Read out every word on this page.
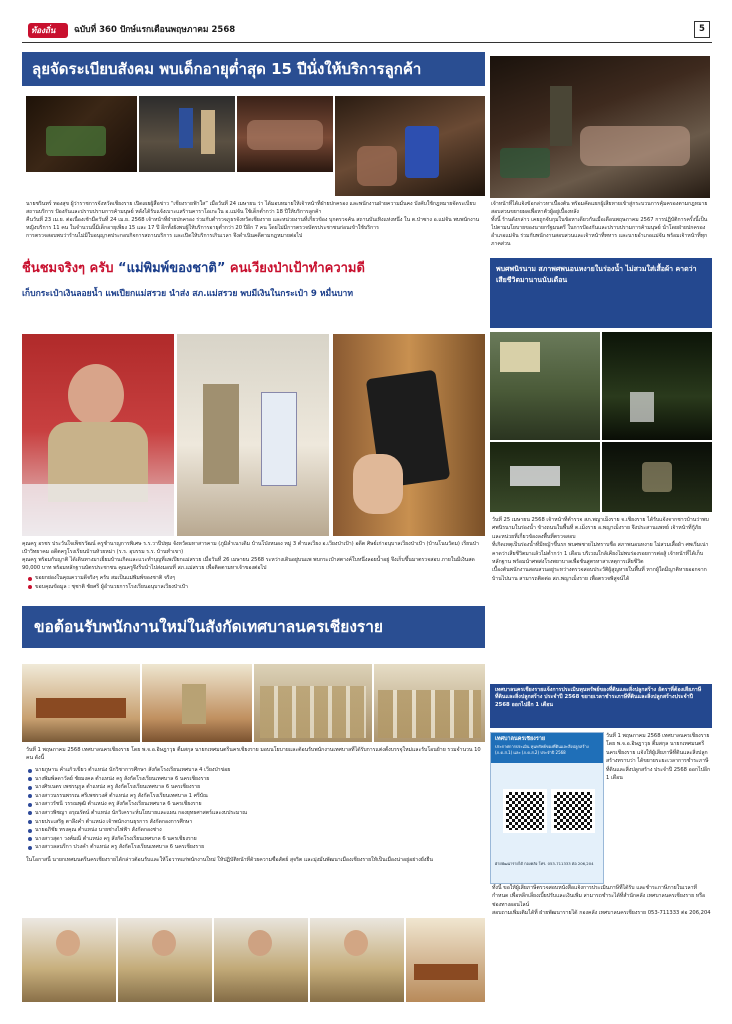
ท้องถิ่น ฉบับที่ 360 ปักษ์แรกเดือนพฤษภาคม 2568	5
ลุยจัดระเบียบสังคม พบเด็กอายุต่ำสุด 15 ปีนั่งให้บริการลูกค้า

นายชรินทร์ ทองสุข ผู้ว่าราชการจังหวัดเชียงราย เปิดเผยผู้สื่อข่าว “เชียงรายฟ้าใส” เมื่อวันที่ 24 เมษายน ว่า ได้มอบหมายให้เจ้าหน้าที่ฝ่ายปกครอง และพนักงานฝ่ายความมั่นคง บังคับใช้กฎหมายจัดระเบียบสถานบริการ ป้องกันและปราบปรามการค้ามนุษย์ หลังได้รับแจ้งเบาะแสร้านคาราโอเกะใน อ.แม่จัน ใช้เด็กต่ำกว่า 18 ปีให้บริการลูกค้า

คืนวันที่ 23 เม.ย. ต่อเนื่องเช้ามืดวันที่ 24 เม.ย. 2568 เจ้าหน้าที่ฝ่ายปกครอง ร่วมกับตำรวจภูธรจังหวัดเชียงราย และหน่วยงานที่เกี่ยวข้อง บุกตรวจค้น สถานบันเทิงแห่งหนึ่ง ใน ต.ป่าซาง อ.แม่จัน พบพนักงานหญิงบริการ 11 คน ในจำนวนนี้มีเด็กอายุเพียง 15 และ 17 ปี อีกทั้งยังพบผู้ให้บริการอายุต่ำกว่า 20 ปีอีก 7 คน โดยไม่มีการตรวจบัตรประชาชนก่อนเข้าใช้บริการ

การตรวจสอบพบว่าร้านไม่มีใบอนุญาตประกอบกิจการสถานบริการ และเปิดให้บริการเกินเวลา จึงดำเนินคดีตามกฎหมายต่อไป

เจ้าหน้าที่ได้แจ้งข้อกล่าวหาเบื้องต้น พร้อมคัดแยกผู้เสียหายเข้าสู่กระบวนการคุ้มครองตามกฎหมาย สอบสวนขยายผลเพื่อหาตัวผู้อยู่เบื้องหลัง

ทั้งนี้ ร้านดังกล่าว เคยถูกจับกุมในข้อหาเดียวกันเมื่อเดือนพฤษภาคม 2567 การปฏิบัติการครั้งนี้เป็นไปตามนโยบายของนายกรัฐมนตรี ในการป้องกันและปราบปรามการค้ามนุษย์ นำโดยฝ่ายปกครองอำเภอแม่จัน ร่วมกับพนักงานสอบสวนและเจ้าหน้าที่ทหาร และนายอำเภอแม่จัน พร้อมเจ้าหน้าที่ทุกภาคส่วน

ชื่นชมจริงๆ ครับ “แม่พิมพ์ของชาติ” คนเวียงป่าเป้าทำความดี
เก็บกระเป๋าเงินลอยน้ำ แพเปียกแม่สรวย นำส่ง สภ.แม่สรวย พบมีเงินในกระเป๋า 9 หมื่นบาท

คุณครู อรชร ประวันใจเพ็ชรวัฒน์ ครูชำนาญการพิเศษ ร.ร.วาปีปทุม จังหวัดมหาสารคาม (ภูมิลำเนาเดิม บ้านโป่งหนอง หมู่ 3 ตำบลเวียง อ.เวียงป่าเป้า) อดีต ศิษย์เก่าอนุบาลเวียงป่าเป้า (บ้านโนนวัดม) เรียนป่าเป้าวิทยาคม อดีตครูโรงเรียนบ้านห้วยหม่า (ร.ร. อุบรรม ร.ร. บ้านทำเขา)

คุณครู พร้อมกับญาติ ได้เดินทางมาเยี่ยมบ้านเกิดและแวะทำบุญที่แพเปียกแม่สรวย เมื่อวันที่ 26 เมษายน 2568 ระหว่างเดินอยู่บนแพ พบกระเป๋าสตางค์ใบหนึ่งลอยน้ำอยู่ จึงเก็บขึ้นมาตรวจสอบ ภายในมีเงินสด 90,000 บาท พร้อมหลักฐานบัตรประชาชน คุณครูจึงรีบนำไปส่งมอบที่ สภ.แม่สรวย เพื่อติดตามหาเจ้าของต่อไป

ขอยกย่องในคุณความดีจริงๆ ครับ สมเป็นแม่พิมพ์ของชาติ จริงๆ
ขอบคุณข้อมูล : ชุชาติ ชัยศรี ผู้อำนวยการโรงเรียนอนุบาลเวียงป่าเป้า
พบศพนิรนาม สภาพศพนอนหงายในร่องน้ำ ไม่สวมใส่เสื้อผ้า คาดว่าเสียชีวิตมานานนับเดือน

วันที่ 25 เมษายน 2568 เจ้าหน้าที่ตำรวจ สภ.พญาเม็งราย จ.เชียงราย ได้รับแจ้งจากชาวบ้านว่าพบศพนิรนามในร่องน้ำ ข้างถนนในพื้นที่ ต.เม็งราย อ.พญาเม็งราย จึงประสานแพทย์ เจ้าหน้าที่กู้ภัย และหน่วยที่เกี่ยวข้องลงพื้นที่ตรวจสอบ

ที่เกิดเหตุเป็นร่องน้ำที่มีหญ้าขึ้นรก พบศพชายไม่ทราบชื่อ สภาพนอนหงาย ไม่สวมเสื้อผ้า ศพเริ่มเน่า คาดว่าเสียชีวิตมาแล้วไม่ต่ำกว่า 1 เดือน บริเวณใกล้เคียงไม่พบร่องรอยการต่อสู้ เจ้าหน้าที่ได้เก็บหลักฐาน พร้อมนำศพส่งโรงพยาบาลเพื่อชันสูตรหาสาเหตุการเสียชีวิต

เบื้องต้นพนักงานสอบสวนอยู่ระหว่างตรวจสอบประวัติผู้สูญหายในพื้นที่ หากผู้ใดมีญาติหายออกจากบ้านไปนาน สามารถติดต่อ สภ.พญาเม็งราย เพื่อตรวจพิสูจน์ได้

ขอต้อนรับพนักงานใหม่ในสังกัดเทศบาลนครเชียงราย
วันที่ 1 พฤษภาคม 2568 เทศบาลนครเชียงราย โดย พ.จ.อ.อิษฎาวุธ ติ้มสกุล นายกเทศมนตรีนครเชียงราย มอบนโยบายและต้อนรับพนักงานเทศบาลที่ได้รับการแต่งตั้งบรรจุใหม่และรับโอนย้าย รวมจำนวน 10 คน ดังนี้
นายภูษาน คำแก้วเขียว ตำแหน่ง นักวิชาการศึกษา สังกัดโรงเรียนเทศบาล 4 เวียงป่าข่อย
นางพิมพ์ลดาวัลย์ ชัยมงคล ตำแหน่ง ครู สังกัดโรงเรียนเทศบาล 6 นครเชียงราย
นางศิรเนตร เพชรนุกูล ตำแหน่ง ครู สังกัดโรงเรียนเทศบาล 6 นครเชียงราย
นางสาวนรรนพรรณ ศรีเพชรวงศ์ ตำแหน่ง ครู สังกัดโรงเรียนเทศบาล 1 ศรีบัณ
นางสาวรัชนี วรรณพุฒิ ตำแหน่ง ครู สังกัดโรงเรียนเทศบาล 6 นครเชียงราย
นางสาวพิชญา อรุณรัตน์ ตำแหน่ง นักวิเคราะห์นโยบายและแผน กองยุทธศาสตร์และงบประมาณ
นายประเสริฐ ตาลึงคำ ตำแหน่ง เจ้าพนักงานธุรการ สังกัดกองการศึกษา
นายอภิชัย ทรงคุณ ตำแหน่ง นายช่างไฟฟ้า สังกัดกองช่าง
นางสาวสุดา วงศ์มณี ตำแหน่ง ครู สังกัดโรงเรียนเทศบาล 6 นครเชียงราย
นางสาวลลนรีกา ปวงคำ ตำแหน่ง ครู สังกัดโรงเรียนเทศบาล 6 นครเชียงราย
ในโอกาสนี้ นายกเทศมนตรีนครเชียงรายได้กล่าวต้อนรับและให้โอวาทแก่พนักงานใหม่ ให้ปฏิบัติหน้าที่ด้วยความซื่อสัตย์ สุจริต และมุ่งมั่นพัฒนาเมืองเชียงรายให้เป็นเมืองน่าอยู่อย่างยั่งยืน
เทศบาลนครเชียงรายแจ้งการประเมินทุนทรัพย์ของที่ดินและสิ่งปลูกสร้าง อัตราที่ต้องเสียภาษีที่ดินและสิ่งปลูกสร้าง ประจำปี 2568 ขยายเวลาชำระภาษีที่ดินและสิ่งปลูกสร้างประจำปี 2568 ออกไปอีก 1 เดือน
เทศบาลนครเชียงราย
ประกาศการประเมิน ทุนทรัพย์ของที่ดินและสิ่งปลูกสร้าง (ภ.ด.ส.1) และ (ภ.ด.ส.2) ประจำปี 2568
ฝ่ายพัฒนารายได้ กองคลัง โทร. 053-711333 ต่อ 206,204
วันที่ 1 พฤษภาคม 2568 เทศบาลนครเชียงราย โดย พ.จ.อ.อิษฎาวุธ ติ้มสกุล นายกเทศมนตรีนครเชียงราย แจ้งให้ผู้เสียภาษีที่ดินและสิ่งปลูกสร้างทราบว่า ได้ขยายระยะเวลาการชำระภาษีที่ดินและสิ่งปลูกสร้าง ประจำปี 2568 ออกไปอีก 1 เดือน

ทั้งนี้ ขอให้ผู้เสียภาษีตรวจสอบหนังสือแจ้งการประเมินภาษีที่ได้รับ และชำระภาษีภายในเวลาที่กำหนด เพื่อหลีกเลี่ยงเบี้ยปรับและเงินเพิ่ม สามารถชำระได้ที่สำนักคลัง เทศบาลนครเชียงราย หรือช่องทางออนไลน์

สอบถามเพิ่มเติมได้ที่ ฝ่ายพัฒนารายได้ กองคลัง เทศบาลนครเชียงราย 053-711333 ต่อ 206,204
